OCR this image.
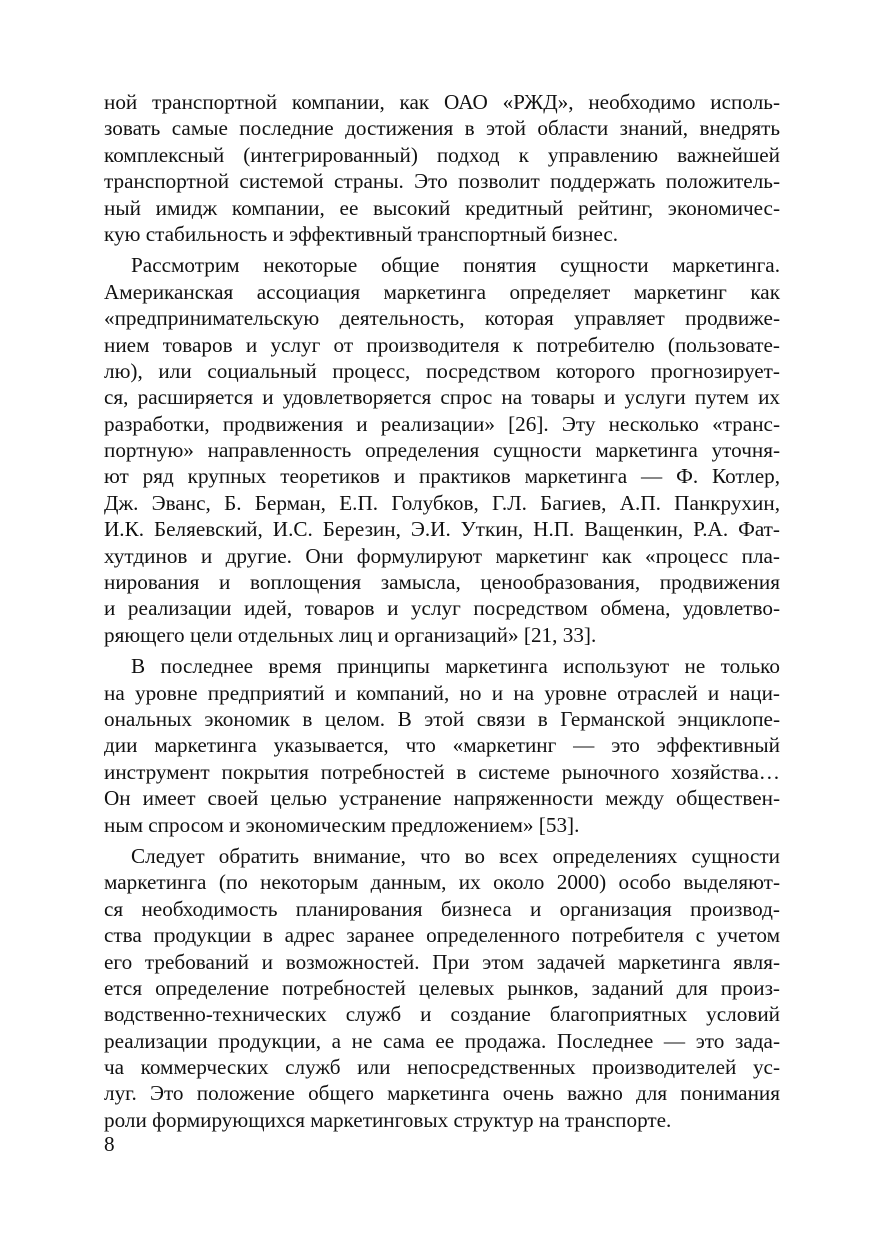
ной транспортной компании, как ОАО «РЖД», необходимо исполь-
зовать самые последние достижения в этой области знаний, внедрять
комплексный (интегрированный) подход к управлению важнейшей
транспортной системой страны. Это позволит поддержать положитель-
ный имидж компании, ее высокий кредитный рейтинг, экономичес-
кую стабильность и эффективный транспортный бизнес.
Рассмотрим некоторые общие понятия сущности маркетинга.
Американская ассоциация маркетинга определяет маркетинг как
«предпринимательскую деятельность, которая управляет продвиже-
нием товаров и услуг от производителя к потребителю (пользовате-
лю), или социальный процесс, посредством которого прогнозирует-
ся, расширяется и удовлетворяется спрос на товары и услуги путем их
разработки, продвижения и реализации» [26]. Эту несколько «транс-
портную» направленность определения сущности маркетинга уточня-
ют ряд крупных теоретиков и практиков маркетинга — Ф. Котлер,
Дж. Эванс, Б. Берман, Е.П. Голубков, Г.Л. Багиев, А.П. Панкрухин,
И.К. Беляевский, И.С. Березин, Э.И. Уткин, Н.П. Ващенкин, Р.А. Фат-
хутдинов и другие. Они формулируют маркетинг как «процесс пла-
нирования и воплощения замысла, ценообразования, продвижения
и реализации идей, товаров и услуг посредством обмена, удовлетво-
ряющего цели отдельных лиц и организаций» [21, 33].
В последнее время принципы маркетинга используют не только
на уровне предприятий и компаний, но и на уровне отраслей и наци-
ональных экономик в целом. В этой связи в Германской энциклопе-
дии маркетинга указывается, что «маркетинг — это эффективный
инструмент покрытия потребностей в системе рыночного хозяйства…
Он имеет своей целью устранение напряженности между обществен-
ным спросом и экономическим предложением» [53].
Следует обратить внимание, что во всех определениях сущности
маркетинга (по некоторым данным, их около 2000) особо выделяют-
ся необходимость планирования бизнеса и организация производ-
ства продукции в адрес заранее определенного потребителя с учетом
его требований и возможностей. При этом задачей маркетинга явля-
ется определение потребностей целевых рынков, заданий для произ-
водственно-технических служб и создание благоприятных условий
реализации продукции, а не сама ее продажа. Последнее — это зада-
ча коммерческих служб или непосредственных производителей ус-
луг. Это положение общего маркетинга очень важно для понимания
роли формирующихся маркетинговых структур на транспорте.
8
